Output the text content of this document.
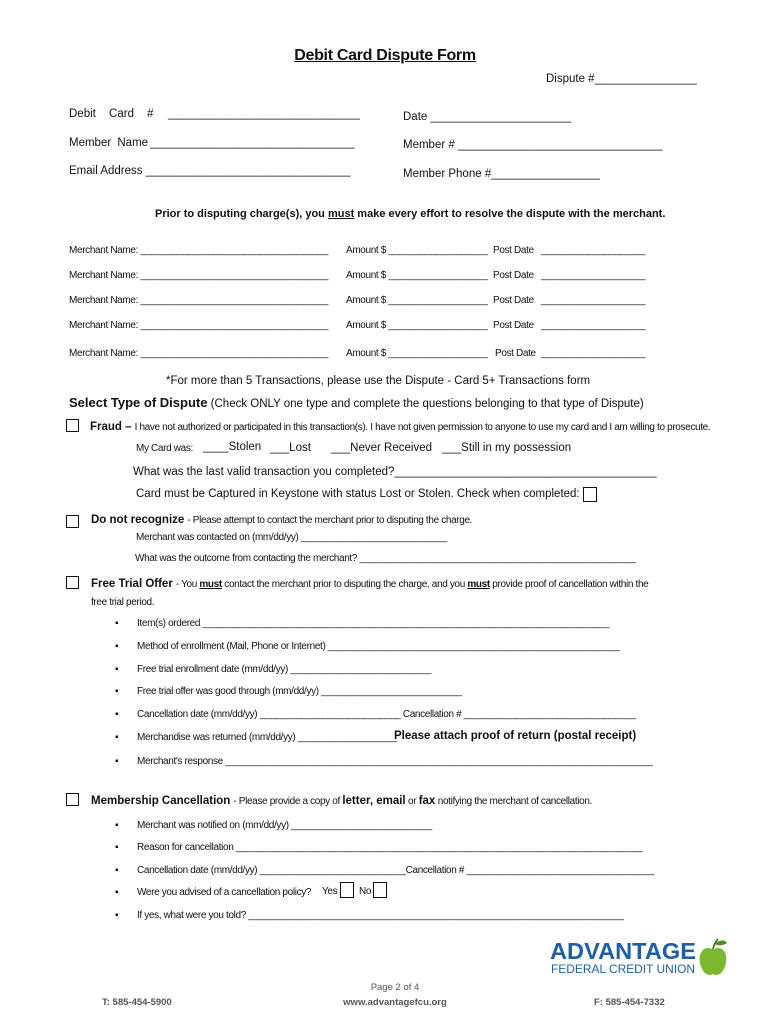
Debit Card Dispute Form
Dispute #________________
Debit Card # ______________________________	Date ______________________
Member Name ________________________________	Member # ________________________________
Email Address ________________________________	Member Phone #_________________
Prior to disputing charge(s), you must make every effort to resolve the dispute with the merchant.
Merchant Name: ____________________________________ Amount $ ___________________ Post Date ____________________
Merchant Name: ____________________________________ Amount $ ___________________ Post Date ____________________
Merchant Name: ____________________________________ Amount $ ___________________ Post Date ____________________
Merchant Name: ____________________________________ Amount $ ___________________ Post Date ____________________
Merchant Name: ____________________________________ Amount $ ___________________ Post Date ____________________
*For more than 5 Transactions, please use the Dispute - Card 5+ Transactions form
Select Type of Dispute (Check ONLY one type and complete the questions belonging to that type of Dispute)
Fraud – I have not authorized or participated in this transaction(s). I have not given permission to anyone to use my card and I am willing to prosecute.
My Card was: ____Stolen ___Lost ___Never Received ___Still in my possession
What was the last valid transaction you completed?_________________________________________
Card must be Captured in Keystone with status Lost or Stolen. Check when completed:
Do not recognize - Please attempt to contact the merchant prior to disputing the charge.
Merchant was contacted on (mm/dd/yy) ____________________________
What was the outcome from contacting the merchant? _____________________________________________________
Free Trial Offer - You must contact the merchant prior to disputing the charge, and you must provide proof of cancellation within the
free trial period.
▪ Item(s) ordered ______________________________________________________________________________
▪ Method of enrollment (Mail, Phone or Internet) ________________________________________________________
▪ Free trial enrollment date (mm/dd/yy) ___________________________
▪ Free trial offer was good through (mm/dd/yy) ___________________________
▪ Cancellation date (mm/dd/yy) ___________________________ Cancellation # _________________________________
▪ Merchandise was returned (mm/dd/yy) ___________________
▪ Merchant's response __________________________________________________________________________________
Please attach proof of return (postal receipt)
Membership Cancellation - Please provide a copy of letter, email or fax notifying the merchant of cancellation.
▪ Merchant was notified on (mm/dd/yy) ___________________________
▪ Reason for cancellation ______________________________________________________________________________
▪ Cancellation date (mm/dd/yy) ____________________________Cancellation # ____________________________________
▪ Were you advised of a cancellation policy?
▪ If yes, what were you told? ________________________________________________________________________
Yes No
ADVANTAGE
FEDERAL CREDIT UNION
Page 2 of 4
T: 585-454-5900	www.advantagefcu.org	F: 585-454-7332
